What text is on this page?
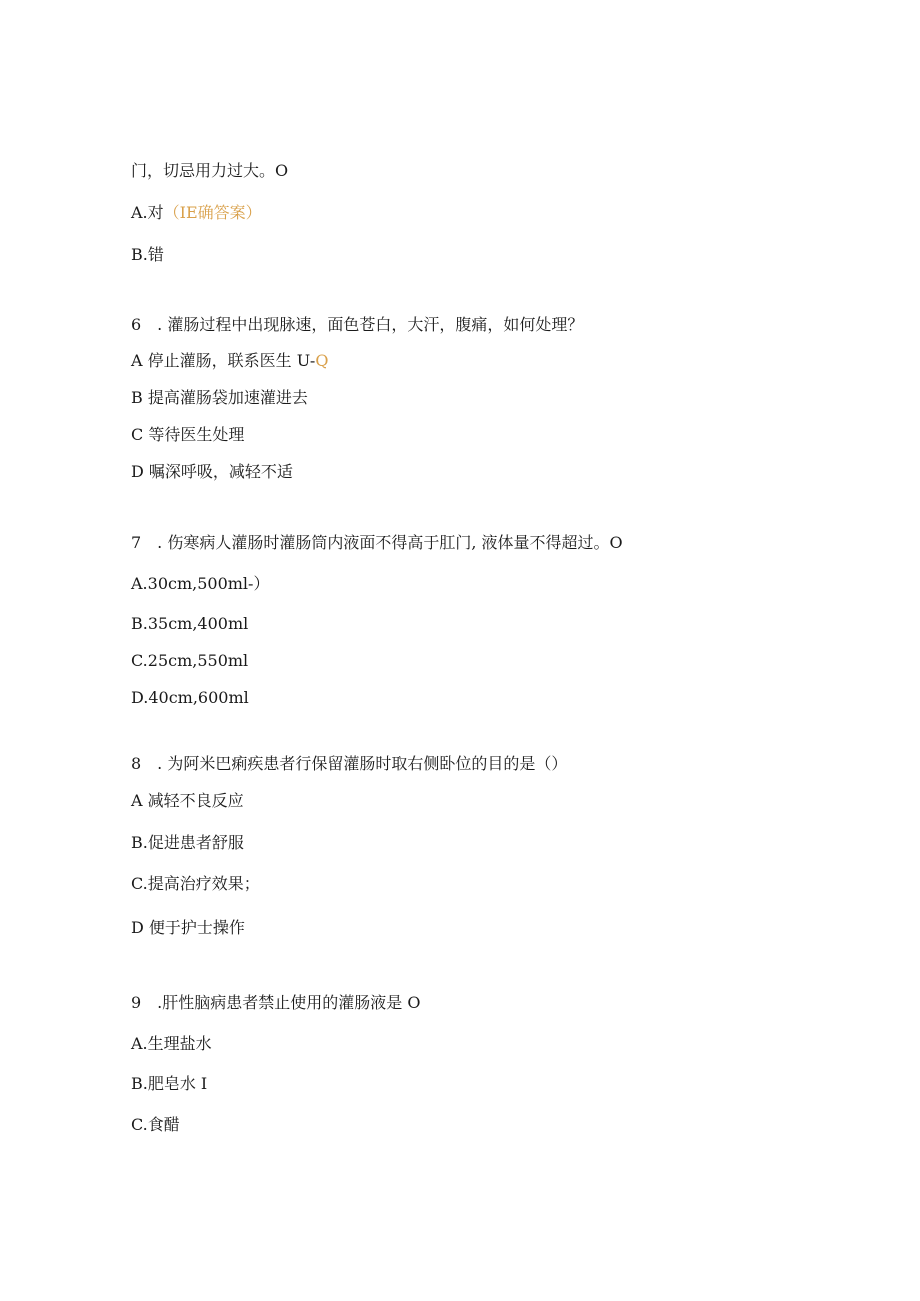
门，切忌用力过大。O
A.对（IE确答案）
B.错
6　. 灌肠过程中出现脉速，面色苍白，大汗，腹痛，如何处理？
A 停止灌肠，联系医生 U-Q
B 提高灌肠袋加速灌进去
C 等待医生处理
D 嘱深呼吸，减轻不适
7　. 伤寒病人灌肠时灌肠筒内液面不得高于肛门, 液体量不得超过。O
A.30cm,500ml-）
B.35cm,400ml
C.25cm,550ml
D.40cm,600ml
8　. 为阿米巴痢疾患者行保留灌肠时取右侧卧位的目的是（）
A 减轻不良反应
B.促进患者舒服
C.提高治疗效果；
D 便于护士操作
9　.肝性脑病患者禁止使用的灌肠液是 O
A.生理盐水
B.肥皂水 I
C.食醋
